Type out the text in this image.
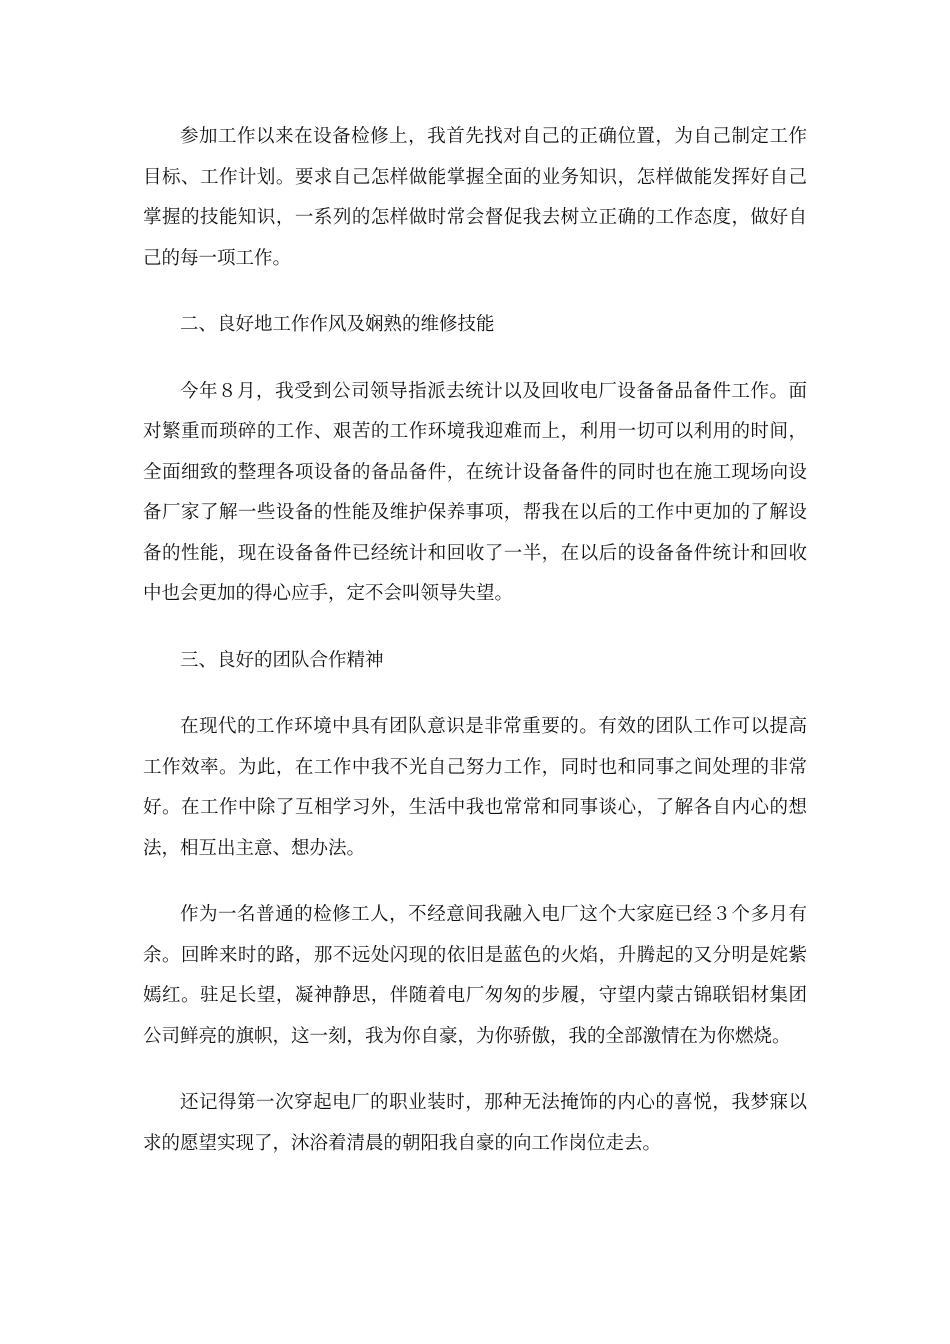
参加工作以来在设备检修上，我首先找对自己的正确位置，为自己制定工作目标、工作计划。要求自己怎样做能掌握全面的业务知识，怎样做能发挥好自己掌握的技能知识，一系列的怎样做时常会督促我去树立正确的工作态度，做好自己的每一项工作。

二、良好地工作作风及娴熟的维修技能

今年８月，我受到公司领导指派去统计以及回收电厂设备备品备件工作。面对繁重而琐碎的工作、艰苦的工作环境我迎难而上，利用一切可以利用的时间，全面细致的整理各项设备的备品备件，在统计设备备件的同时也在施工现场向设备厂家了解一些设备的性能及维护保养事项，帮我在以后的工作中更加的了解设备的性能，现在设备备件已经统计和回收了一半，在以后的设备备件统计和回收中也会更加的得心应手，定不会叫领导失望。

三、良好的团队合作精神

在现代的工作环境中具有团队意识是非常重要的。有效的团队工作可以提高工作效率。为此，在工作中我不光自己努力工作，同时也和同事之间处理的非常好。在工作中除了互相学习外，生活中我也常常和同事谈心，了解各自内心的想法，相互出主意、想办法。

作为一名普通的检修工人，不经意间我融入电厂这个大家庭已经３个多月有余。回眸来时的路，那不远处闪现的依旧是蓝色的火焰，升腾起的又分明是姹紫嫣红。驻足长望，凝神静思，伴随着电厂匆匆的步履，守望内蒙古锦联铝材集团公司鲜亮的旗帜，这一刻，我为你自豪，为你骄傲，我的全部激情在为你燃烧。

还记得第一次穿起电厂的职业装时，那种无法掩饰的内心的喜悦，我梦寐以求的愿望实现了，沐浴着清晨的朝阳我自豪的向工作岗位走去。
